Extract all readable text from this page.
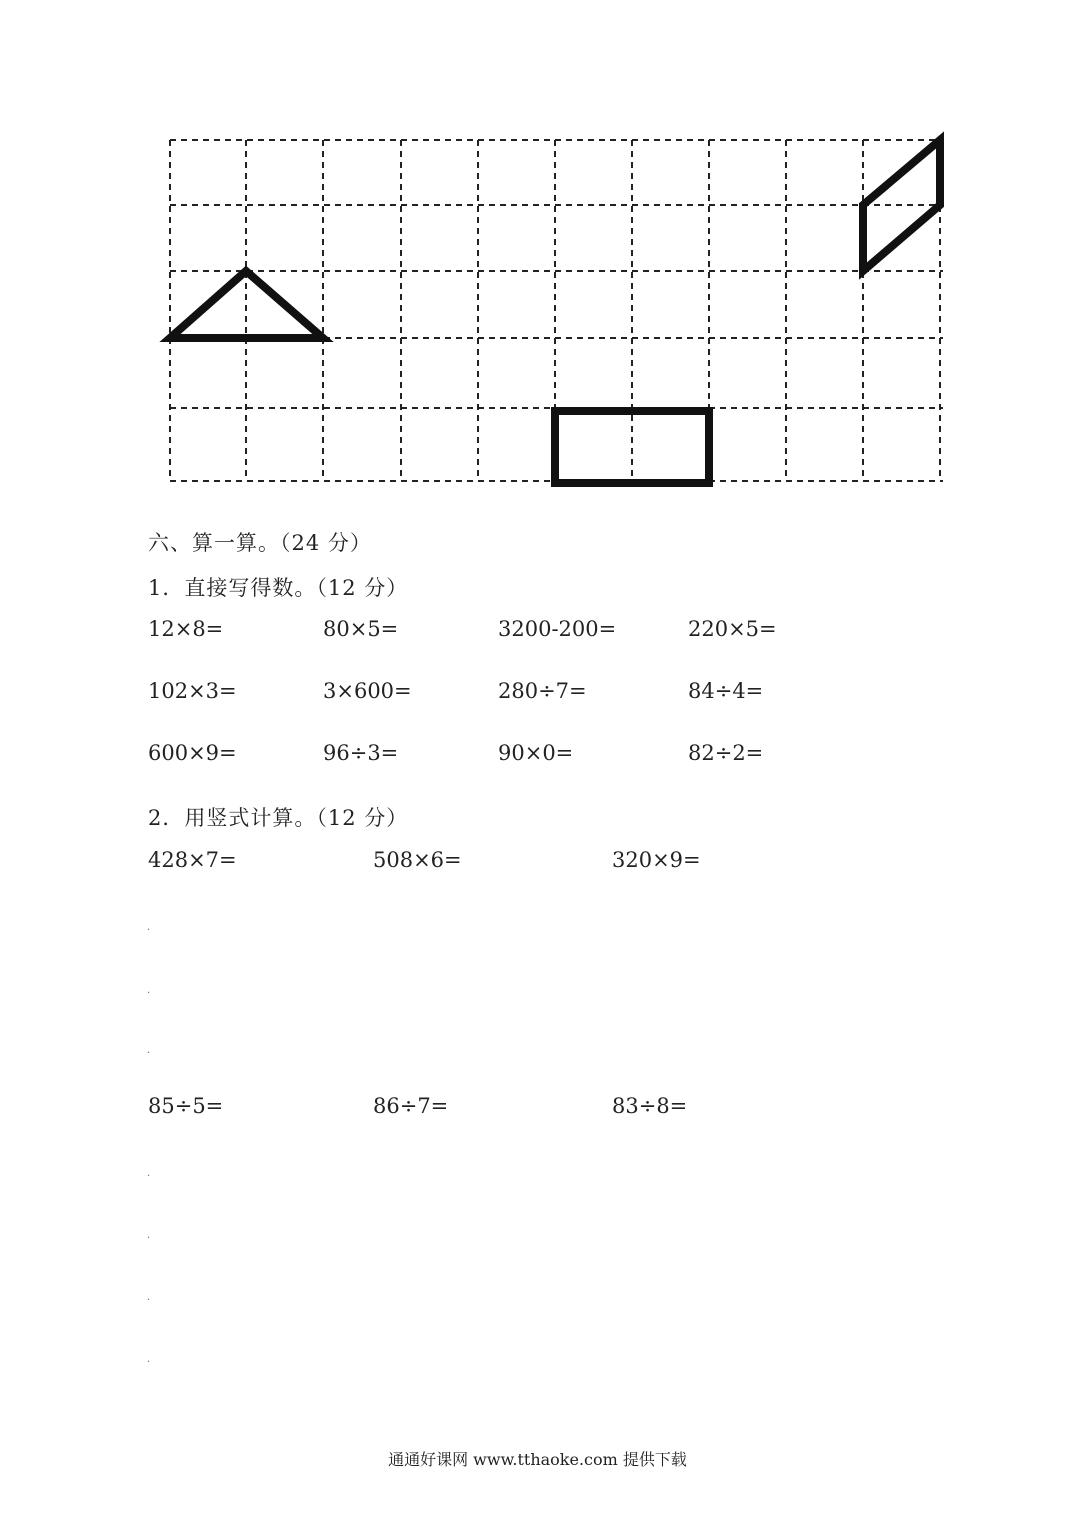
六、算一算。（24 分）
1．直接写得数。（12 分）
12×8=	80×5=	3200-200=	220×5=
102×3=	3×600=	280÷7=	84÷4=
600×9=	96÷3=	90×0=	82÷2=
2．用竖式计算。（12 分）
428×7=	508×6=	320×9=
.
.
.
85÷5=	86÷7=	83÷8=
.
.
.
.
通通好课网 www.tthaoke.com 提供下载
